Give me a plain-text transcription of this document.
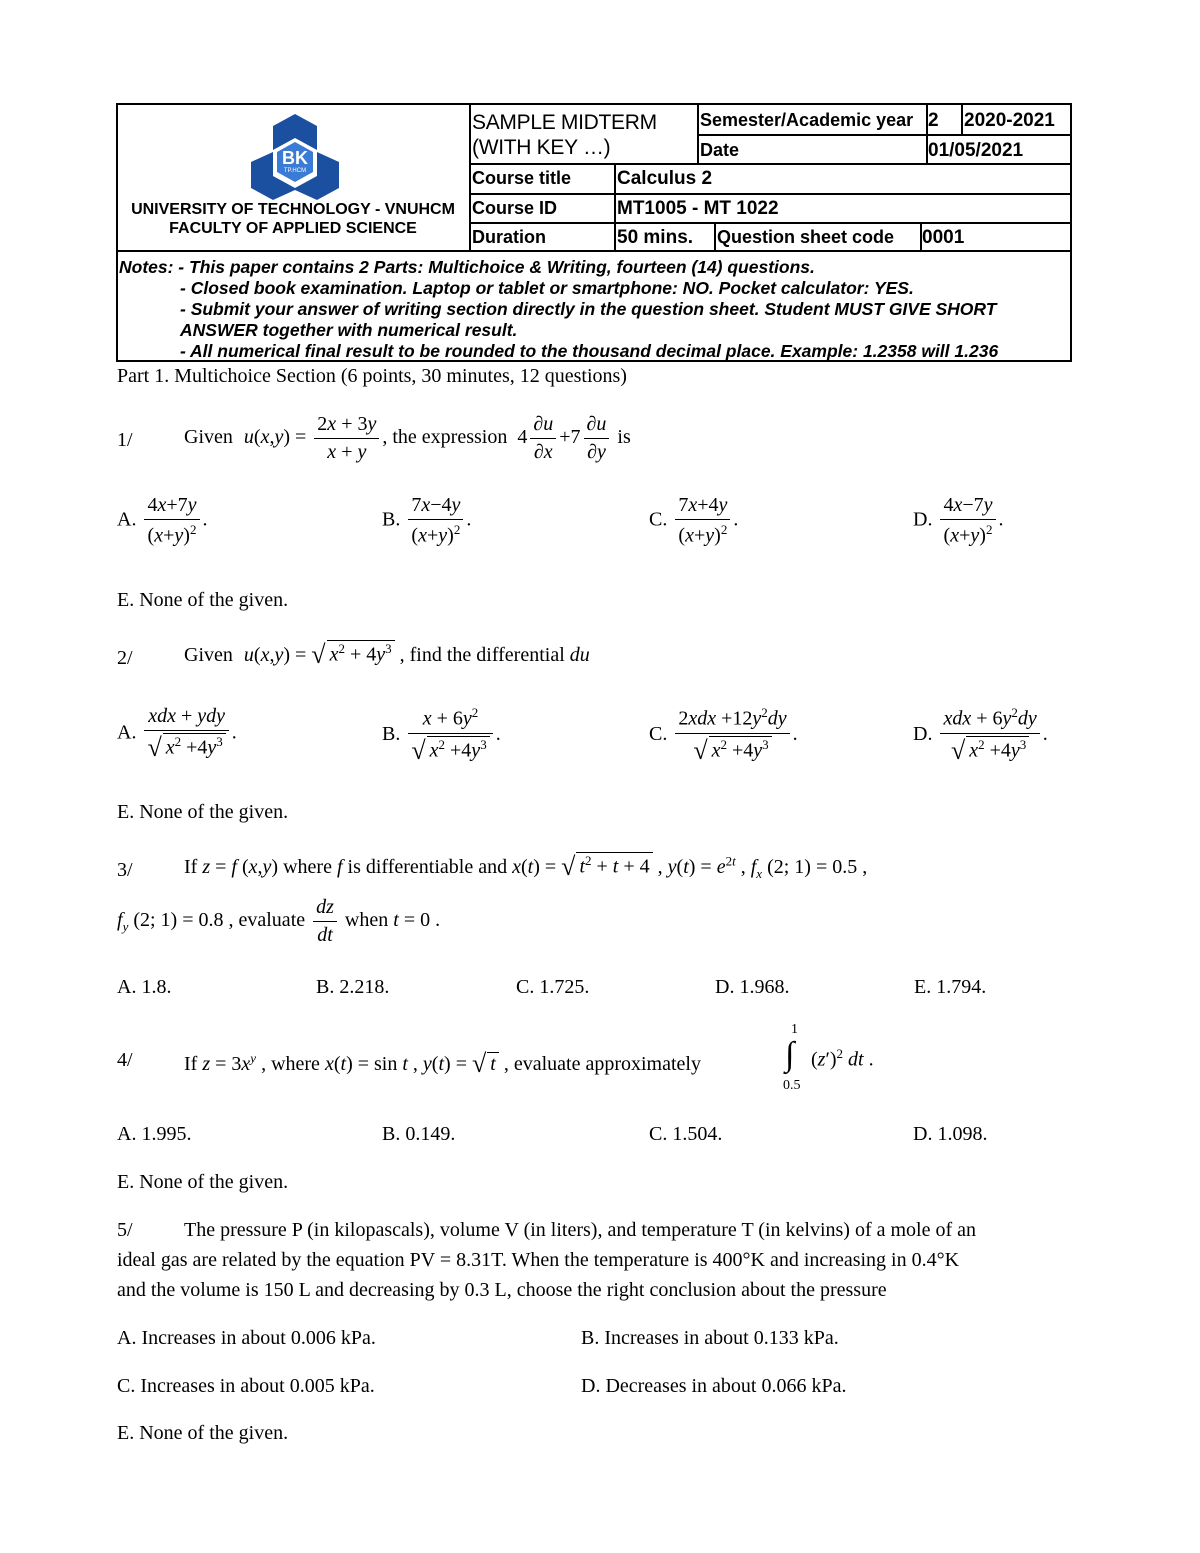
BK
TP.HCM
UNIVERSITY OF TECHNOLOGY - VNUHCM
FACULTY OF APPLIED SCIENCE
SAMPLE MIDTERM
(WITH KEY …)
Semester/Academic year 2 2020-2021
Date	01/05/2021
Course title Calculus 2
Course ID	MT1005 - MT 1022
Duration	50 mins. Question sheet code 0001
Notes: - This paper contains 2 Parts: Multichoice & Writing, fourteen (14) questions.
- Closed book examination. Laptop or tablet or smartphone: NO. Pocket calculator: YES.
- Submit your answer of writing section directly in the question sheet. Student MUST GIVE SHORT
ANSWER together with numerical result.
- All numerical final result to be rounded to the thousand decimal place. Example: 1.2358 will 1.236
Part 1. Multichoice Section (6 points, 30 minutes, 12 questions)
1/	Given $u(x,y) = \frac{2x + 3y}{x + y}$ , the expression  $4 \frac{\partial u}{\partial x} +7 \frac{\partial u}{\partial y}$ is
A. $\frac{4x+7y}{(x+y)^2}$ .	B. $\frac{7x-4y}{(x+y)^2}$ .	C. $\frac{7x+4y}{(x+y)^2}$ .	D. $\frac{4x-7y}{(x+y)^2}$ .
E. None of the given.
2/	Given u(x,y) = √ $x^2 + 4y^3$ , find the differential du
A. $\frac{\text{xdx + ydy}}{√ x^2 +4y^3}$ .	B. $\frac{x + 6y^2}{√ x^2 +4y^3}$ .	C. $\frac{2xdx +12y^2dy}{√ x^2 +4y^3}$ .	D. $\frac{xdx + 6y^2dy}{√ x^2 +4y^3}$ .
E. None of the given.
3/	If z = f (x,y) where f is differentiable and x(t) = √ $t^2 + t + 4$ , $y(t) = e^{2t}$ , $f_x$ (2; 1) = 0.5 ,
$f_y$ (2; 1) = 0.8 , evaluate $\frac{dz}{dt}$ when t = 0 .
A. 1.8.	B. 2.218.	C. 1.725.	D. 1.968.	E. 1.794.
4/	If $z = 3x^y$ , where x(t) = sin t , y(t) = √ t , evaluate approximately
1
∫
0.5
$(z')^2$ dt .
A. 1.995.	B. 0.149.	C. 1.504.	D. 1.098.
E. None of the given.
5/	The pressure P (in kilopascals), volume V (in liters), and temperature T (in kelvins) of a mole of an
ideal gas are related by the equation PV = 8.31T. When the temperature is 400°K and increasing in 0.4°K
and the volume is 150 L and decreasing by 0.3 L, choose the right conclusion about the pressure
A. Increases in about 0.006 kPa.	B. Increases in about 0.133 kPa.
C. Increases in about 0.005 kPa.	D. Decreases in about 0.066 kPa.
E. None of the given.
